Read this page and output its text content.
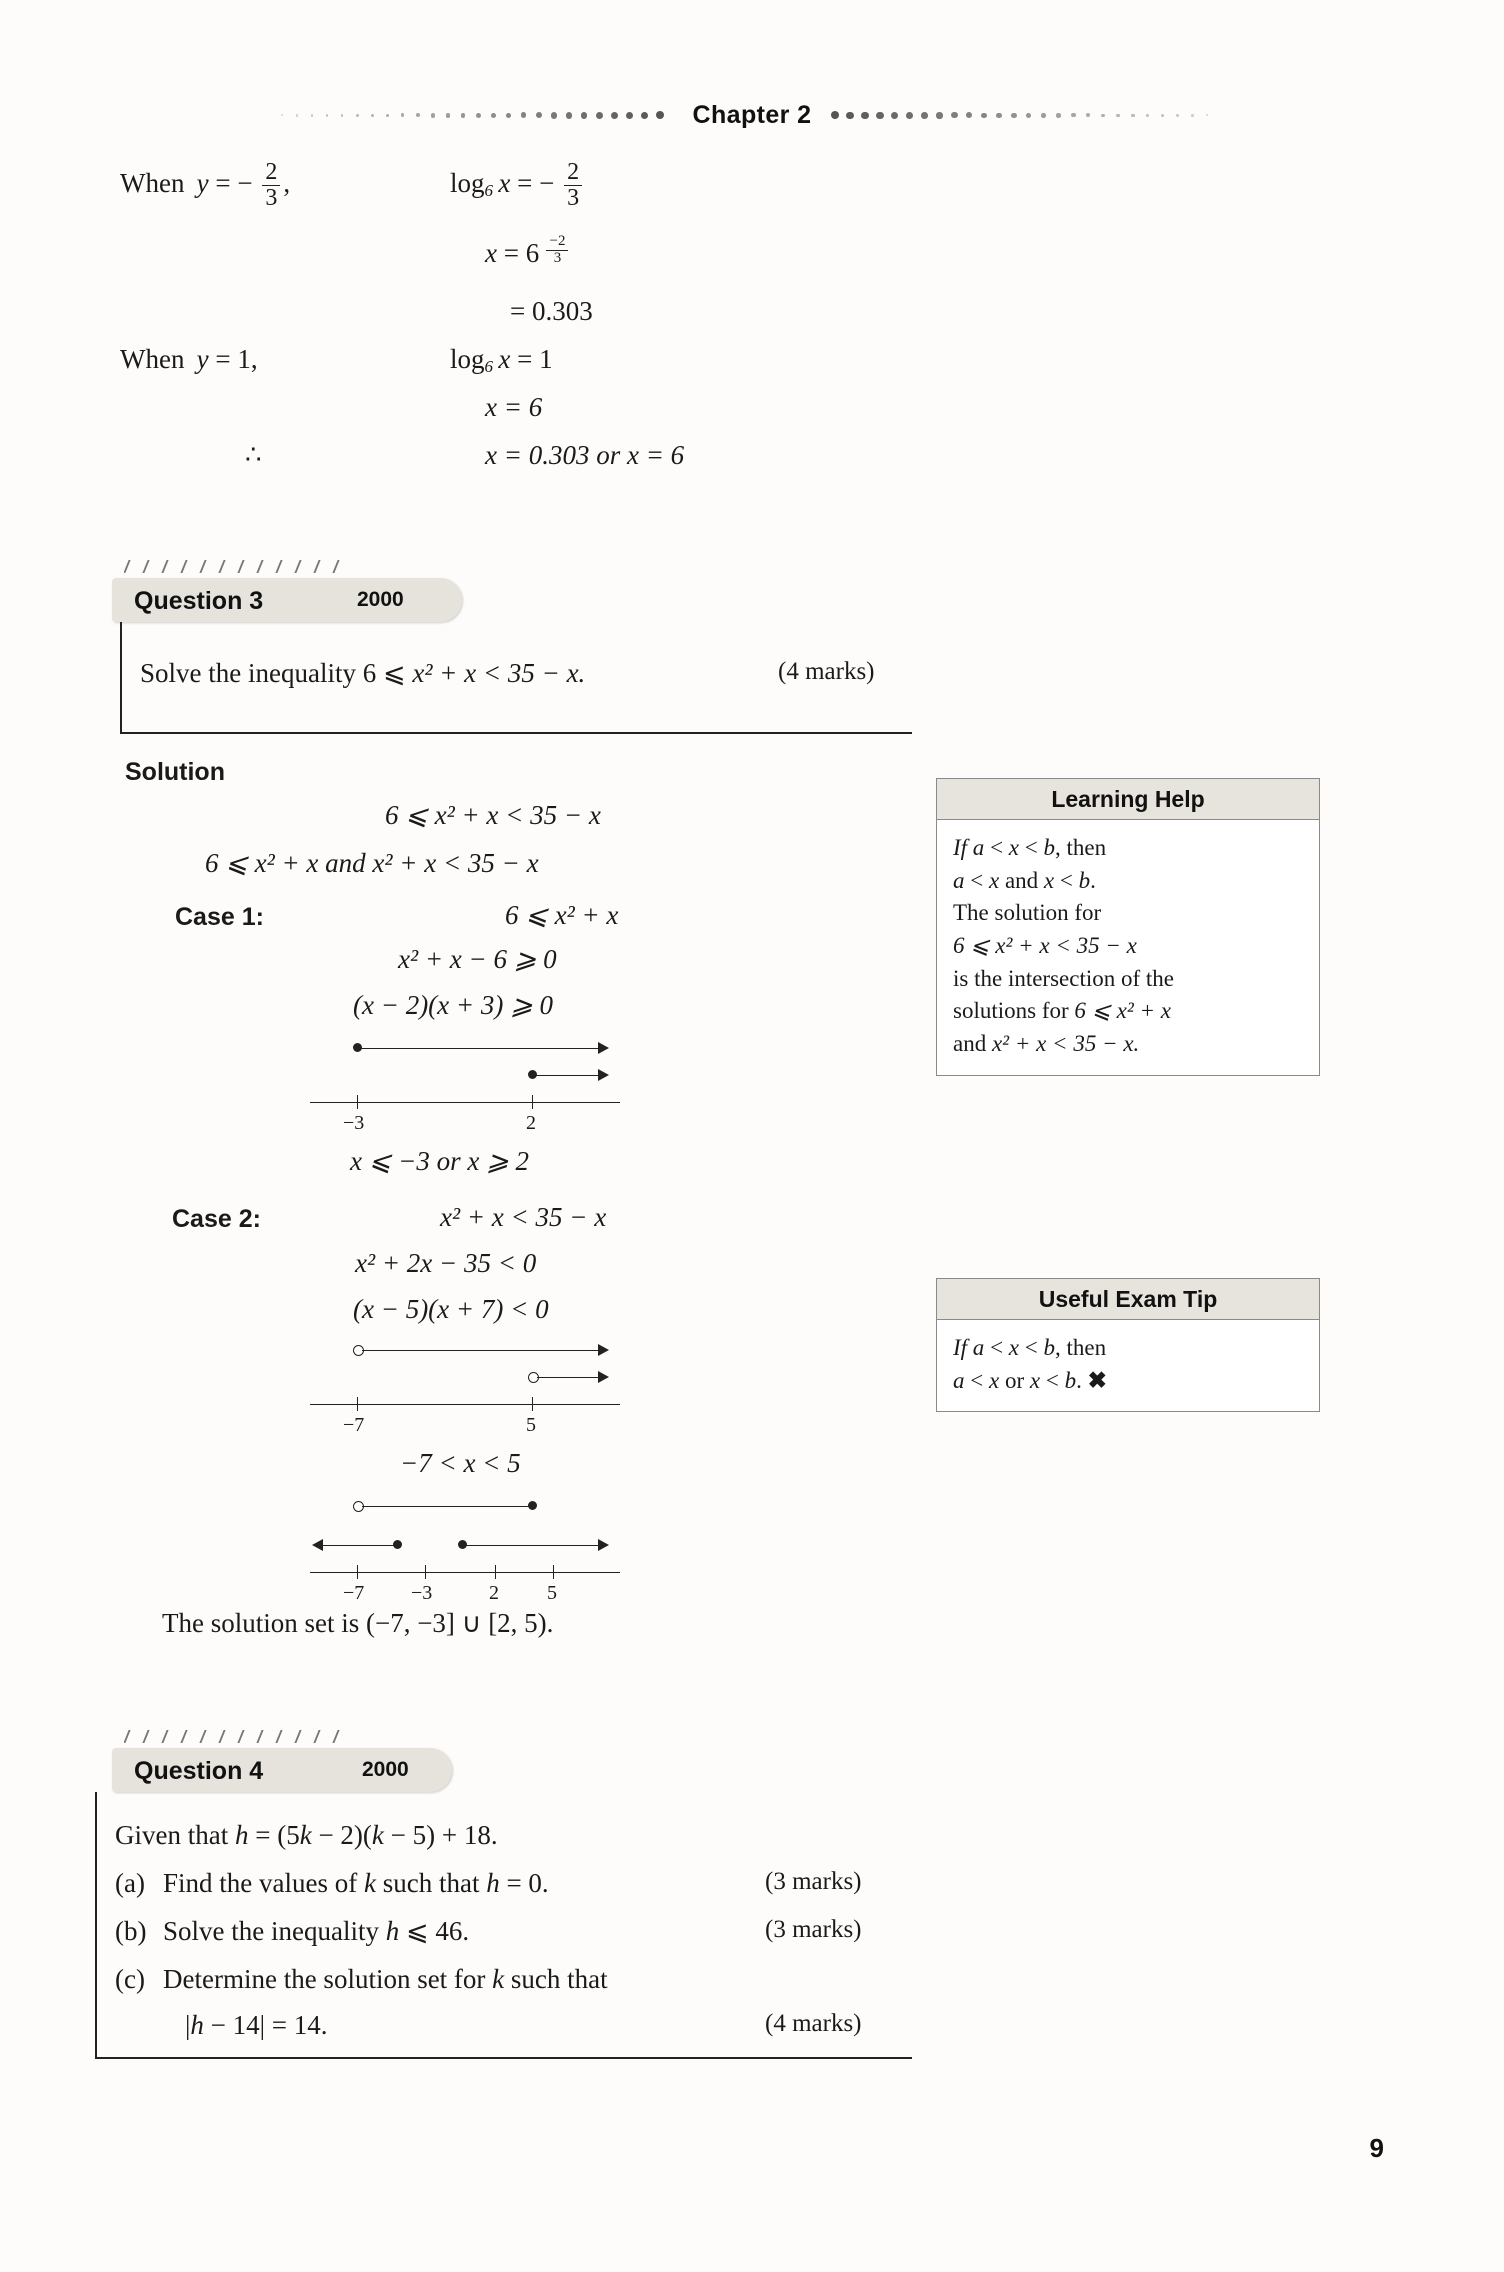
Chapter 2
When  y = − $\frac{2}{3}$ ,	$\log_6 x$ = − $\frac{2}{3}$
x = 6 $^{\frac{-2}{3}}$
= 0.303
When  y = 1,	$\log_6 x = 1$
x = 6
∴	x = 0.303 or x = 6
Question 3	2000
Solve the inequality 6 ⩽ x² + x < 35 − x.	(4 marks)
Solution
6 ⩽ x² + x < 35 − x
6 ⩽ x² + x and x² + x < 35 − x
Case 1:	6 ⩽ x² + x
x² + x − 6 ⩾ 0
(x − 2)(x + 3) ⩾ 0
−3	2
x ⩽ −3 or x ⩾ 2
Case 2:	x² + x < 35 − x
x² + 2x − 35 < 0
(x − 5)(x + 7) < 0
−7	5
−7 < x < 5
−7 −3	2 5
The solution set is (−7, −3] ∪ [2, 5).
Learning Help
If a < x < b, then
a < x and x < b.
The solution for
6 ⩽ x² + x < 35 − x
is the intersection of the
solutions for 6 ⩽ x² + x
and x² + x < 35 − x.
Useful Exam Tip
If a < x < b, then
a < x or x < b. ✖
Question 4	2000
Given that h = (5k − 2)(k − 5) + 18.
(a) Find the values of k such that h = 0.	(3 marks)
(b) Solve the inequality h ⩽ 46.	(3 marks)
(c) Determine the solution set for k such that
|h − 14| = 14.	(4 marks)
9
